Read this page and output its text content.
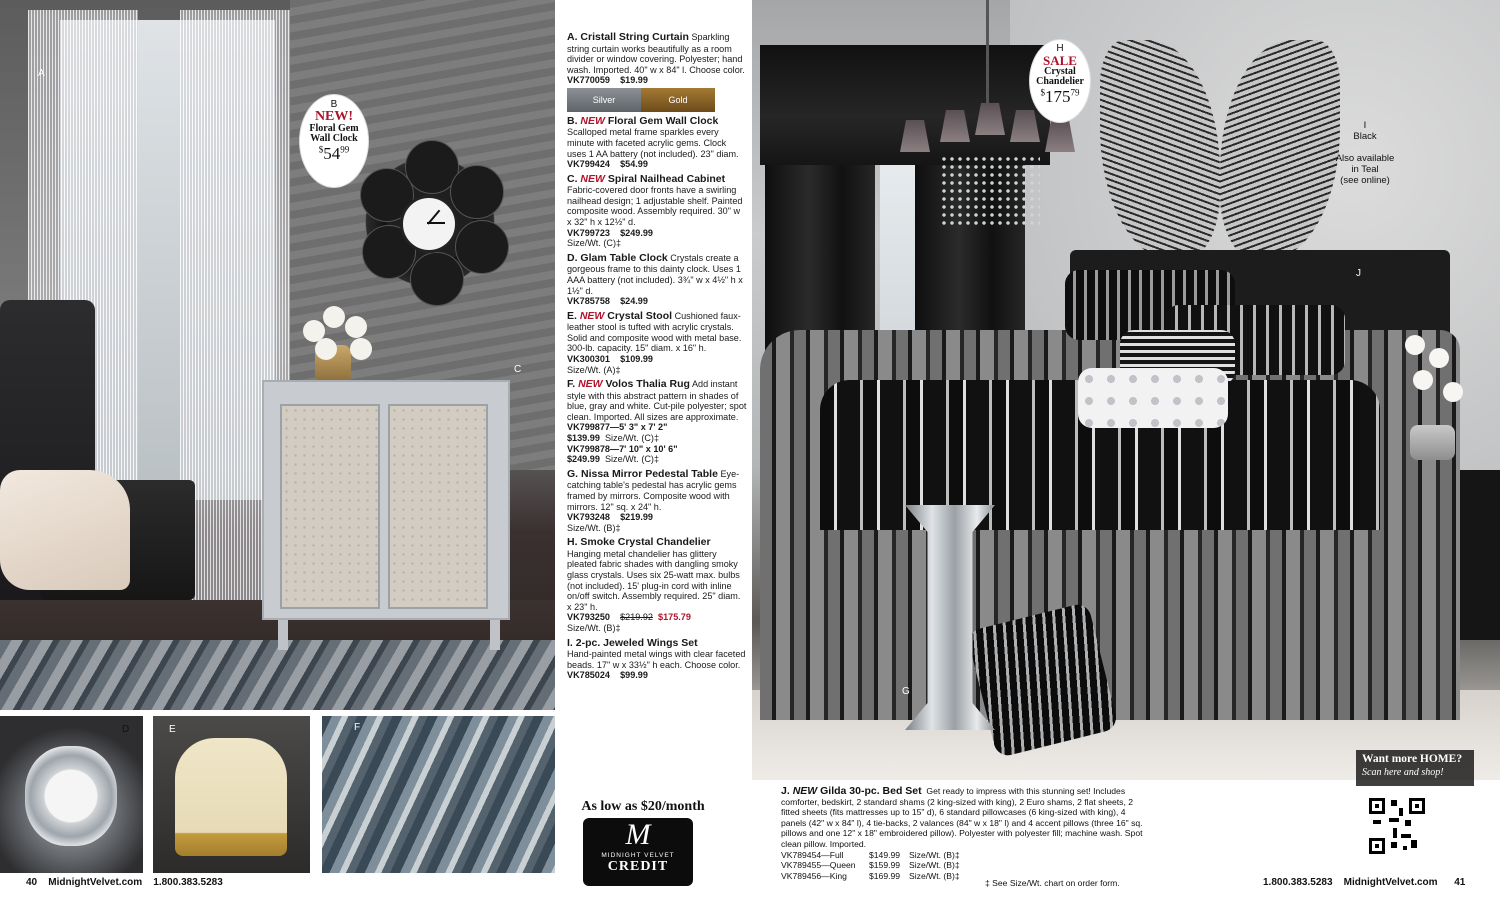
A
C
B
NEW!
Floral Gem
Wall Clock
$^{\$}54^{99}$
D	E	F
A. Cristall String Curtain Sparkling string curtain works beautifully as a room divider or window covering. Polyester; hand wash. Imported. 40" w x 84" l. Choose color.
VK770059 $19.99
Silver	Gold
B. NEW Floral Gem Wall Clock Scalloped metal frame sparkles every minute with faceted acrylic gems. Clock uses 1 AA battery (not included). 23" diam.
VK799424 $54.99
C. NEW Spiral Nailhead Cabinet Fabric-covered door fronts have a swirling nailhead design; 1 adjustable shelf. Painted composite wood. Assembly required. 30" w x 32" h x 12½" d.
VK799723 $249.99
Size/Wt. (C)‡
D. Glam Table Clock Crystals create a gorgeous frame to this dainty clock. Uses 1 AAA battery (not included). 3¾" w x 4½" h x 1½" d.
VK785758 $24.99
E. NEW Crystal Stool Cushioned faux-leather stool is tufted with acrylic crystals. Solid and composite wood with metal base. 300-lb. capacity. 15" diam. x 16" h.
VK300301 $109.99
Size/Wt. (A)‡
F. NEW Volos Thalia Rug Add instant style with this abstract pattern in shades of blue, gray and white. Cut-pile polyester; spot clean. Imported. All sizes are approximate.
VK799877—5' 3" x 7' 2"
$139.99 Size/Wt. (C)‡
VK799878—7' 10" x 10' 6"
$249.99 Size/Wt. (C)‡
G. Nissa Mirror Pedestal Table Eye-catching table's pedestal has acrylic gems framed by mirrors. Composite wood with mirrors. 12" sq. x 24" h.
VK793248 $219.99
Size/Wt. (B)‡
H. Smoke Crystal Chandelier
Hanging metal chandelier has glittery pleated fabric shades with dangling smoky glass crystals. Uses six 25-watt max. bulbs (not included). 15' plug-in cord with inline on/off switch. Assembly required. 25" diam. x 23" h.
VK793250 $219.92 $175.79
Size/Wt. (B)‡
I. 2-pc. Jeweled Wings Set
Hand-painted metal wings with clear faceted beads. 17" w x 33½" h each. Choose color.
VK785024 $99.99
As low as $20/month
M
MIDNIGHT VELVET
CREDIT
40 MidnightVelvet.com 1.800.383.5283
G
J
H
SALE
Crystal
Chandelier
$^{\$}175^{79}$
I
Black

Also available
in Teal
(see online)
Want more HOME?
Scan here and shop!
J. NEW Gilda 30-pc. Bed Set Get ready to impress with this stunning set! Includes comforter, bedskirt, 2 standard shams (2 king-sized with king), 2 Euro shams, 2 flat sheets, 2 fitted sheets (fits mattresses up to 15" d), 6 standard pillowcases (6 king-sized with king), 4 panels (42" w x 84" l), 4 tie-backs, 2 valances (84" w x 18" l) and 4 accent pillows (three 16" sq. pillows and one 12" x 18" embroidered pillow). Polyester with polyester fill; machine wash. Spot clean pillow. Imported.
VK789454—Full	$149.99 Size/Wt. (B)‡
VK789455—Queen $159.99 Size/Wt. (B)‡
VK789456—King	$169.99 Size/Wt. (B)‡
‡ See Size/Wt. chart on order form.	1.800.383.5283 MidnightVelvet.com 41
